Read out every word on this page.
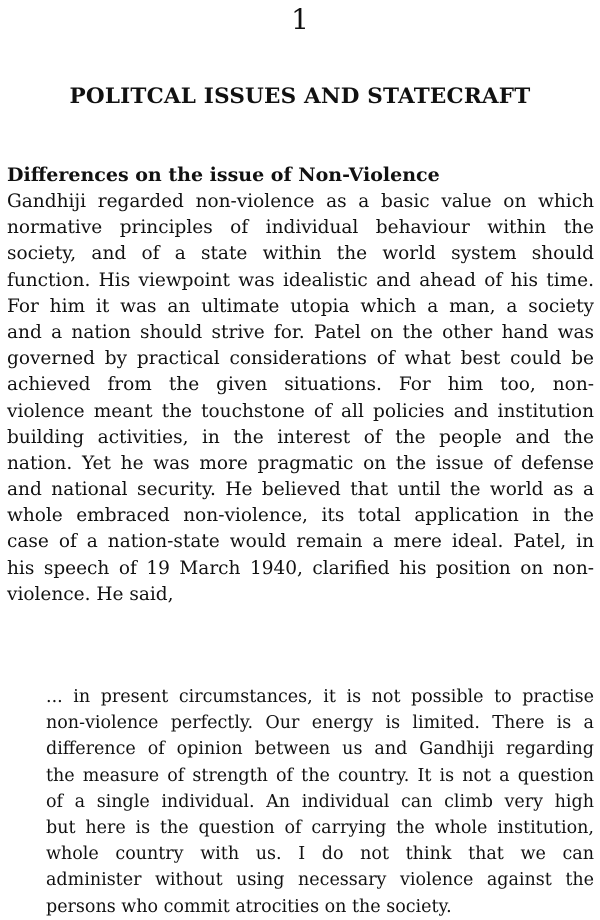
1
POLITCAL ISSUES AND STATECRAFT
Differences on the issue of Non-Violence
Gandhiji regarded non-violence as a basic value on which
normative principles of individual behaviour within the
society, and of a state within the world system should
function. His viewpoint was idealistic and ahead of his time.
For him it was an ultimate utopia which a man, a society
and a nation should strive for. Patel on the other hand was
governed by practical considerations of what best could be
achieved from the given situations. For him too, non-
violence meant the touchstone of all policies and institution
building activities, in the interest of the people and the
nation. Yet he was more pragmatic on the issue of defense
and national security. He believed that until the world as a
whole embraced non-violence, its total application in the
case of a nation-state would remain a mere ideal. Patel, in
his speech of 19 March 1940, clarified his position on non-
violence. He said,
... in present circumstances, it is not possible to practise
non-violence perfectly. Our energy is limited. There is a
difference of opinion between us and Gandhiji regarding
the measure of strength of the country. It is not a question
of a single individual. An individual can climb very high
but here is the question of carrying the whole institution,
whole country with us. I do not think that we can
administer without using necessary violence against the
persons who commit atrocities on the society.
